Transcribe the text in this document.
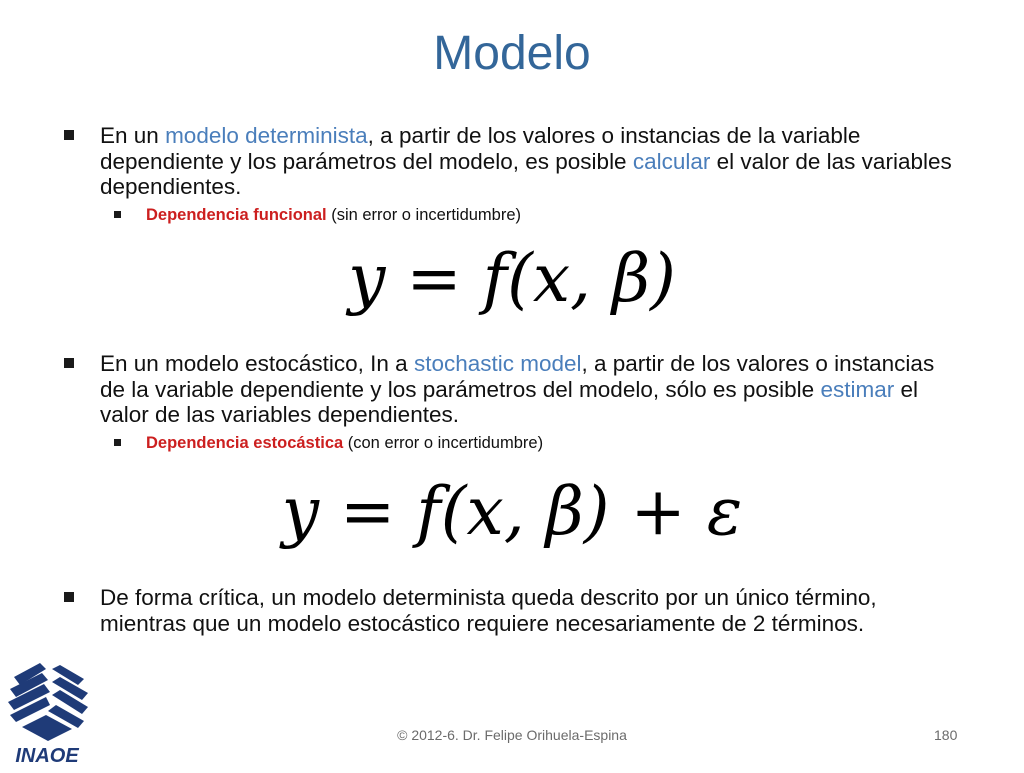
Modelo
En un modelo determinista, a partir de los valores o instancias de la variable dependiente y los parámetros del modelo, es posible calcular el valor de las variables dependientes.
Dependencia funcional (sin error o incertidumbre)
y = f(x, β)
En un modelo estocástico, In a stochastic model, a partir de los valores o instancias de la variable dependiente y los parámetros del modelo, sólo es posible estimar el valor de las variables dependientes.
Dependencia estocástica (con error o incertidumbre)
y = f(x, β) + ε
De forma crítica, un modelo determinista queda descrito por un único término, mientras que un modelo estocástico requiere necesariamente de 2 términos.
INAOE
© 2012-6. Dr. Felipe Orihuela-Espina	180
